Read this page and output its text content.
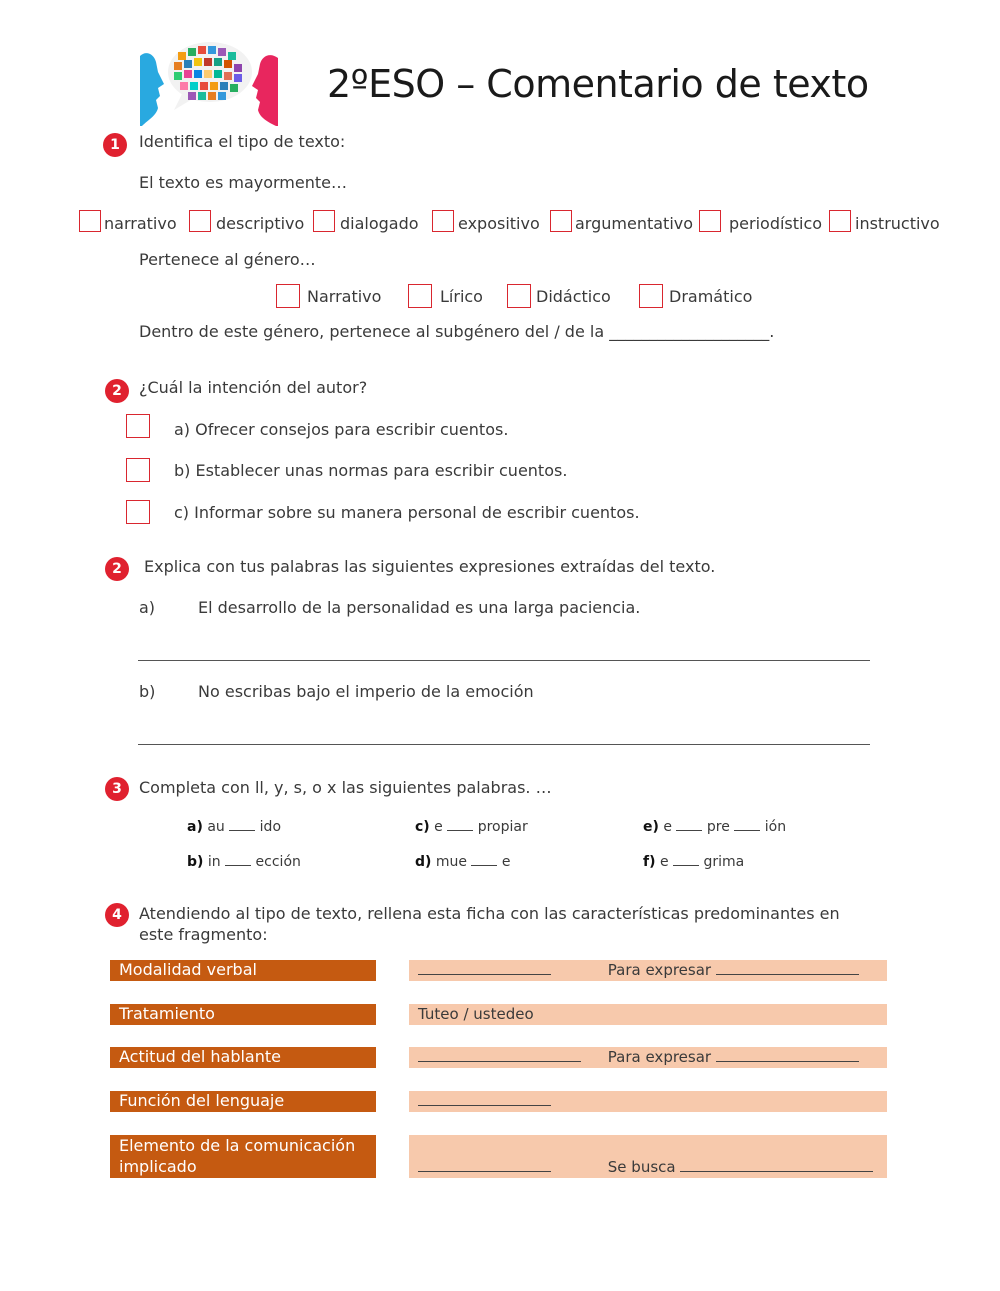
2ºESO – Comentario de texto
1	Identifica el tipo de texto:
El texto es mayormente…
narrativo descriptivo dialogado expositivo argumentativo periodístico instructivo
Pertenece al género…
Narrativo	Lírico	Didáctico	Dramático
Dentro de este género, pertenece al subgénero del / de la ____________________.
2	¿Cuál la intención del autor?
a) Ofrecer consejos para escribir cuentos.
b) Establecer unas normas para escribir cuentos.
c) Informar sobre su manera personal de escribir cuentos.
2	Explica con tus palabras las siguientes expresiones extraídas del texto.
a)	El desarrollo de la personalidad es una larga paciencia.
b)	No escribas bajo el imperio de la emoción
3	Completa con ll, y, s, o x las siguientes palabras. …
a) au ido	c) e propiar	e) e pre ión
b) in ección	d) mue e	f) e grima
4	Atendiendo al tipo de texto, rellena esta ficha con las características predominantes en
este fragmento:
Modalidad verbal	Para expresar
Tratamiento	Tuteo / ustedeo
Actitud del hablante	Para expresar
Función del lenguaje
Elemento de la comunicación
implicado	Se busca
